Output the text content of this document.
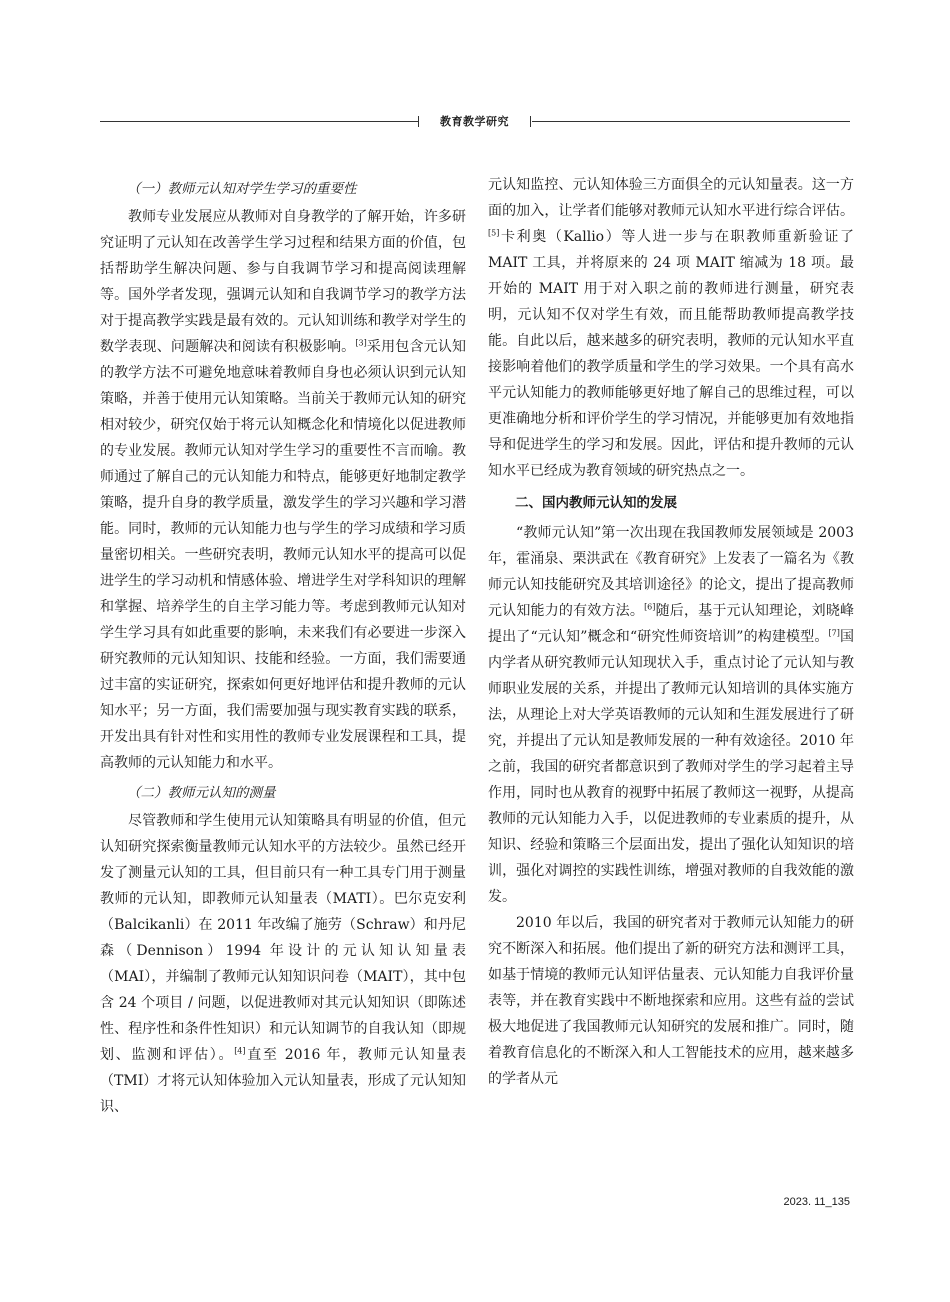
教育教学研究
（一）教师元认知对学生学习的重要性

教师专业发展应从教师对自身教学的了解开始，许多研究证明了元认知在改善学生学习过程和结果方面的价值，包括帮助学生解决问题、参与自我调节学习和提高阅读理解等。国外学者发现，强调元认知和自我调节学习的教学方法对于提高教学实践是最有效的。元认知训练和教学对学生的数学表现、问题解决和阅读有积极影响。[3]采用包含元认知的教学方法不可避免地意味着教师自身也必须认识到元认知策略，并善于使用元认知策略。当前关于教师元认知的研究相对较少，研究仅始于将元认知概念化和情境化以促进教师的专业发展。教师元认知对学生学习的重要性不言而喻。教师通过了解自己的元认知能力和特点，能够更好地制定教学策略，提升自身的教学质量，激发学生的学习兴趣和学习潜能。同时，教师的元认知能力也与学生的学习成绩和学习质量密切相关。一些研究表明，教师元认知水平的提高可以促进学生的学习动机和情感体验、增进学生对学科知识的理解和掌握、培养学生的自主学习能力等。考虑到教师元认知对学生学习具有如此重要的影响，未来我们有必要进一步深入研究教师的元认知知识、技能和经验。一方面，我们需要通过丰富的实证研究，探索如何更好地评估和提升教师的元认知水平；另一方面，我们需要加强与现实教育实践的联系，开发出具有针对性和实用性的教师专业发展课程和工具，提高教师的元认知能力和水平。

（二）教师元认知的测量

尽管教师和学生使用元认知策略具有明显的价值，但元认知研究探索衡量教师元认知水平的方法较少。虽然已经开发了测量元认知的工具，但目前只有一种工具专门用于测量教师的元认知，即教师元认知量表（MATI）。巴尔克安利（Balcikanli）在 2011 年改编了施劳（Schraw）和丹尼森（Dennison）1994 年设计的元认知认知量表（MAI），并编制了教师元认知知识问卷（MAIT），其中包含 24 个项目 / 问题，以促进教师对其元认知知识（即陈述性、程序性和条件性知识）和元认知调节的自我认知（即规划、监测和评估）。[4]直至 2016 年，教师元认知量表（TMI）才将元认知体验加入元认知量表，形成了元认知知识、

元认知监控、元认知体验三方面俱全的元认知量表。这一方面的加入，让学者们能够对教师元认知水平进行综合评估。[5]卡利奥（Kallio）等人进一步与在职教师重新验证了 MAIT 工具，并将原来的 24 项 MAIT 缩减为 18 项。最开始的 MAIT 用于对入职之前的教师进行测量，研究表明，元认知不仅对学生有效，而且能帮助教师提高教学技能。自此以后，越来越多的研究表明，教师的元认知水平直接影响着他们的教学质量和学生的学习效果。一个具有高水平元认知能力的教师能够更好地了解自己的思维过程，可以更准确地分析和评价学生的学习情况，并能够更加有效地指导和促进学生的学习和发展。因此，评估和提升教师的元认知水平已经成为教育领域的研究热点之一。

二、国内教师元认知的发展

“教师元认知”第一次出现在我国教师发展领域是 2003 年，霍涌泉、栗洪武在《教育研究》上发表了一篇名为《教师元认知技能研究及其培训途径》的论文，提出了提高教师元认知能力的有效方法。[6]随后，基于元认知理论，刘晓峰提出了“元认知”概念和“研究性师资培训”的构建模型。[7]国内学者从研究教师元认知现状入手，重点讨论了元认知与教师职业发展的关系，并提出了教师元认知培训的具体实施方法，从理论上对大学英语教师的元认知和生涯发展进行了研究，并提出了元认知是教师发展的一种有效途径。2010 年之前，我国的研究者都意识到了教师对学生的学习起着主导作用，同时也从教育的视野中拓展了教师这一视野，从提高教师的元认知能力入手，以促进教师的专业素质的提升，从知识、经验和策略三个层面出发，提出了强化认知知识的培训，强化对调控的实践性训练，增强对教师的自我效能的激发。

2010 年以后，我国的研究者对于教师元认知能力的研究不断深入和拓展。他们提出了新的研究方法和测评工具，如基于情境的教师元认知评估量表、元认知能力自我评价量表等，并在教育实践中不断地探索和应用。这些有益的尝试极大地促进了我国教师元认知研究的发展和推广。同时，随着教育信息化的不断深入和人工智能技术的应用，越来越多的学者从元

2023. 11_135
